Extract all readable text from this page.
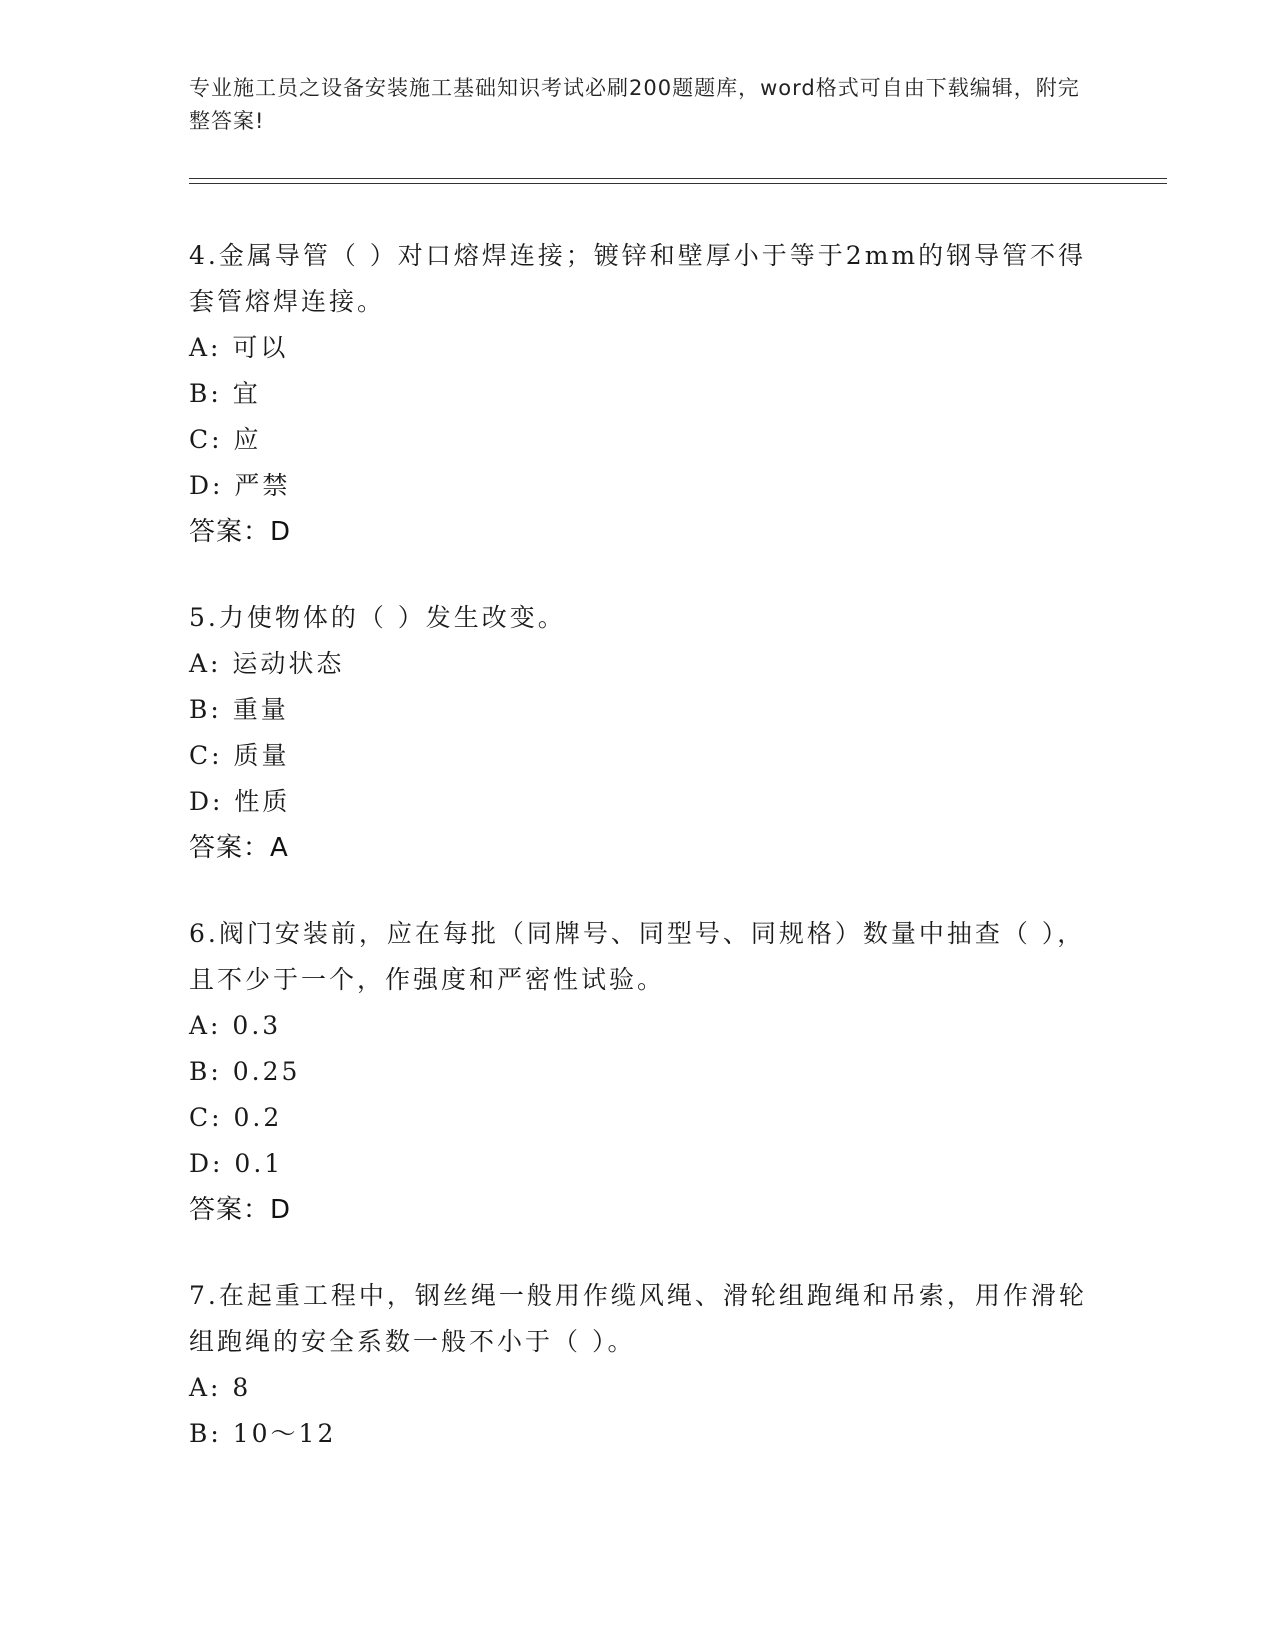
专业施工员之设备安装施工基础知识考试必刷200题题库，word格式可自由下载编辑，附完整答案!
4.金属导管（ ）对口熔焊连接；镀锌和壁厚小于等于2mm的钢导管不得套管熔焊连接。
A: 可以
B: 宜
C: 应
D: 严禁
答案：D
5.力使物体的（ ）发生改变。
A: 运动状态
B: 重量
C: 质量
D: 性质
答案：A
6.阀门安装前，应在每批（同牌号、同型号、同规格）数量中抽查（ ），且不少于一个，作强度和严密性试验。
A: 0.3
B: 0.25
C: 0.2
D: 0.1
答案：D
7.在起重工程中，钢丝绳一般用作缆风绳、滑轮组跑绳和吊索，用作滑轮组跑绳的安全系数一般不小于（ ）。
A: 8
B: 10～12
